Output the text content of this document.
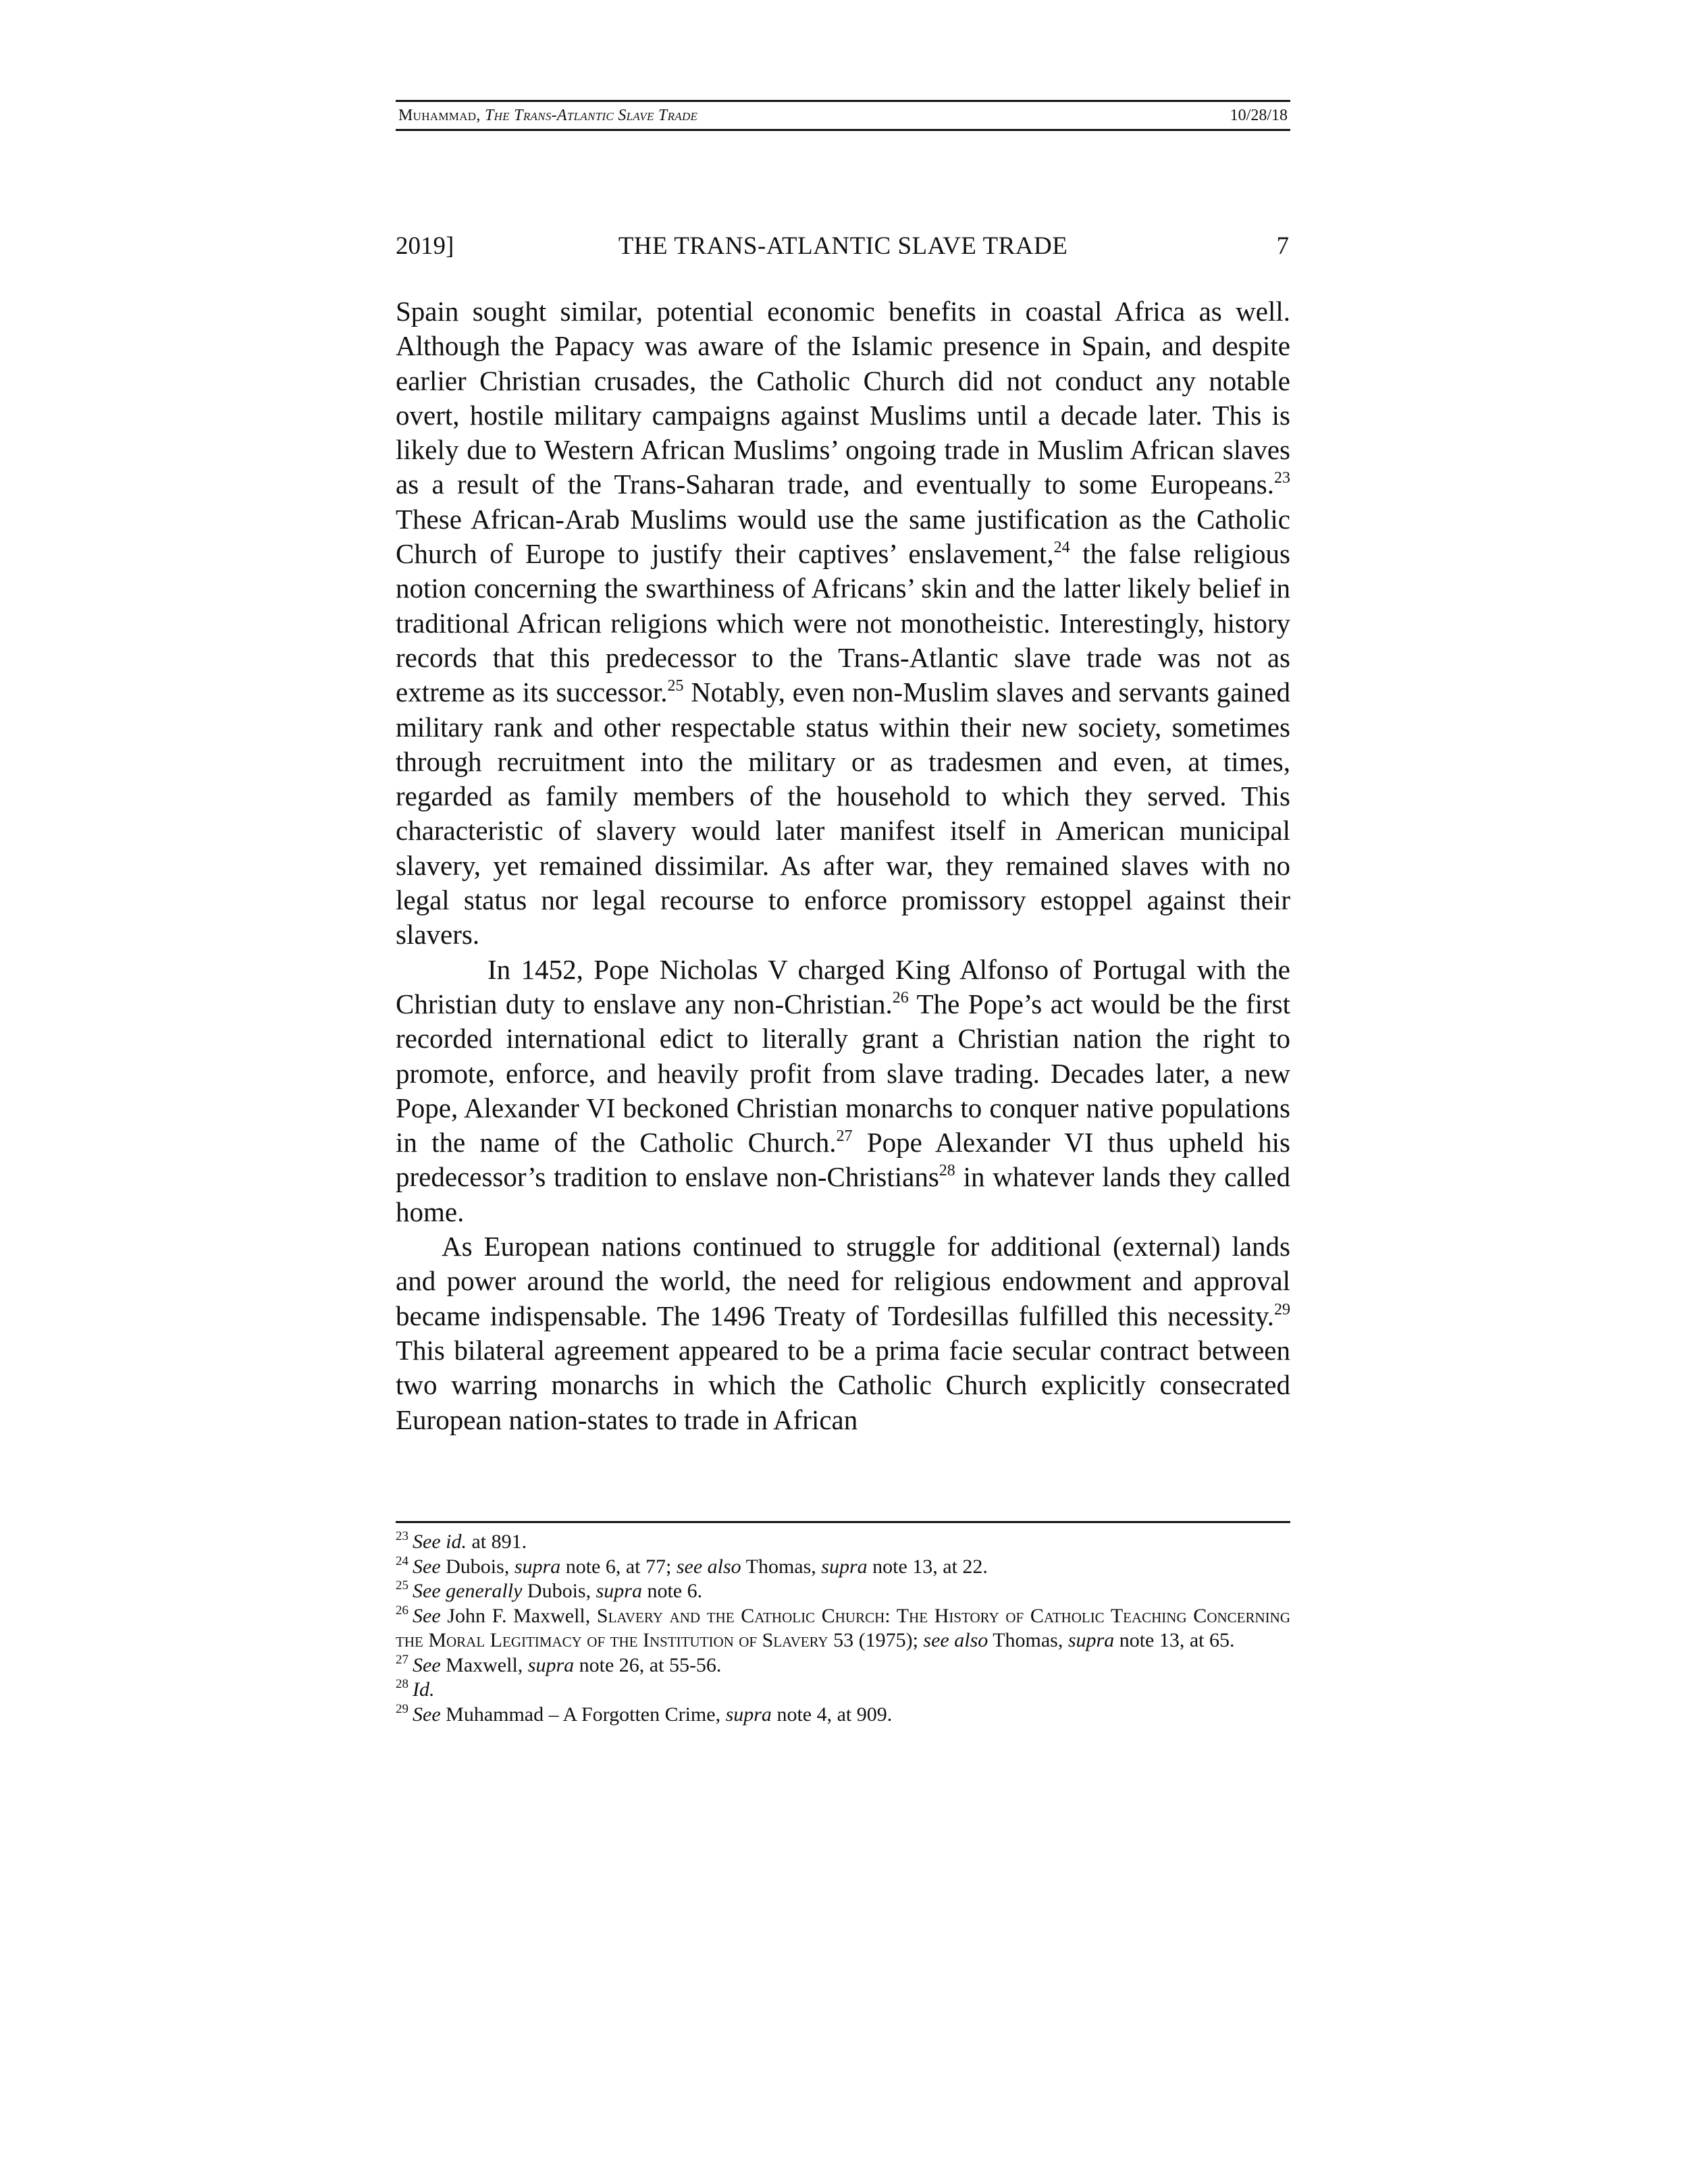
Muhammad, The Trans-Atlantic Slave Trade	10/28/18
THE TRANS-ATLANTIC SLAVE TRADE
2019]	7

Spain sought similar, potential economic benefits in coastal Africa as well. Although the Papacy was aware of the Islamic presence in Spain, and despite earlier Christian crusades, the Catholic Church did not conduct any notable overt, hostile military campaigns against Muslims until a decade later. This is likely due to Western African Muslims’ ongoing trade in Muslim African slaves as a result of the Trans-Saharan trade, and eventually to some Europeans.$^{23}$ These African-Arab Muslims would use the same justification as the Catholic Church of Europe to justify their captives’ enslavement,$^{24}$ the false religious notion concerning the swarthiness of Africans’ skin and the latter likely belief in traditional African religions which were not monotheistic. Interestingly, history records that this predecessor to the Trans-Atlantic slave trade was not as extreme as its successor.$^{25}$ Notably, even non-Muslim slaves and servants gained military rank and other respectable status within their new society, sometimes through recruitment into the military or as tradesmen and even, at times, regarded as family members of the household to which they served. This characteristic of slavery would later manifest itself in American municipal slavery, yet remained dissimilar. As after war, they remained slaves with no legal status nor legal recourse to enforce promissory estoppel against their slavers.

In 1452, Pope Nicholas V charged King Alfonso of Portugal with the Christian duty to enslave any non-Christian.$^{26}$ The Pope’s act would be the first recorded international edict to literally grant a Christian nation the right to promote, enforce, and heavily profit from slave trading. Decades later, a new Pope, Alexander VI beckoned Christian monarchs to conquer native populations in the name of the Catholic Church.$^{27}$ Pope Alexander VI thus upheld his predecessor’s tradition to enslave non-Christians$^{28}$ in whatever lands they called home.

As European nations continued to struggle for additional (external) lands and power around the world, the need for religious endowment and approval became indispensable. The 1496 Treaty of Tordesillas fulfilled this necessity.$^{29}$ This bilateral agreement appeared to be a prima facie secular contract between two warring monarchs in which the Catholic Church explicitly consecrated European nation-states to trade in African

$^{23}$ See id. at 891.

$^{24}$ See Dubois, supra note 6, at 77; see also Thomas, supra note 13, at 22.

$^{25}$ See generally Dubois, supra note 6.

$^{26}$ See John F. Maxwell, Slavery and the Catholic Church: The History of Catholic Teaching Concerning the Moral Legitimacy of the Institution of Slavery 53 (1975); see also Thomas, supra note 13, at 65.

$^{27}$ See Maxwell, supra note 26, at 55-56.

$^{28}$ Id.

$^{29}$ See Muhammad – A Forgotten Crime, supra note 4, at 909.
